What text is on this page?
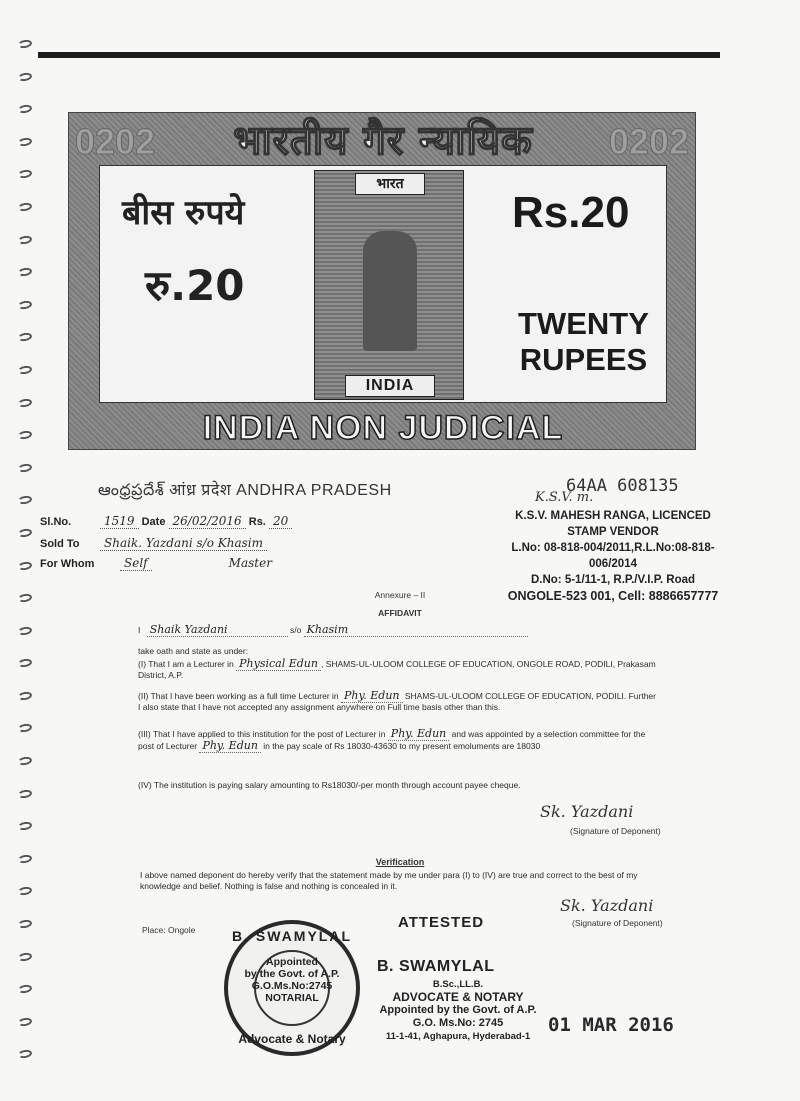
0202	0202
भारतीय गैर न्यायिक
बीस रुपये
रु.20
भारत
INDIA
Rs.20
TWENTY
RUPEES
INDIA NON JUDICIAL
ఆంధ్రప్రదేశ్ आंध्र प्रदेश ANDHRA PRADESH	64AA 608135
K.S.V. m.
K.S.V. MAHESH RANGA, LICENCED STAMP VENDOR
L.No: 08-818-004/2011,R.L.No:08-818-006/2014
D.No: 5-1/11-1, R.P./V.I.P. Road
ONGOLE-523 001, Cell: 8886657777
Sl.No.	1519 Date 26/02/2016 Rs. 20
Sold To Shaik. Yazdani s/o Khasim
For Whom Self	Master
Annexure – II
AFFIDAVIT
I Shaik Yazdani	s/o Khasim
take oath and state as under:
(I) That I am a Lecturer in Physical Edun , SHAMS-UL-ULOOM COLLEGE OF EDUCATION, ONGOLE ROAD, PODILI, Prakasam District, A.P.
(II) That I have been working as a full time Lecturer in Phy. Edun SHAMS-UL-ULOOM COLLEGE OF EDUCATION, PODILI. Further I also state that I have not accepted any assignment anywhere on Full time basis other than this.
(III) That I have applied to this institution for the post of Lecturer in Phy. Edun and was appointed by a selection committee for the post of Lecturer Phy. Edun in the pay scale of Rs 18030-43630 to my present emoluments are 18030
(IV) The institution is paying salary amounting to Rs18030/-per month through account payee cheque.
Sk. Yazdani
(Signature of Deponent)
Verification
I above named deponent do hereby verify that the statement made by me under para (I) to (IV) are true and correct to the best of my knowledge and belief. Nothing is false and nothing is concealed in it.
Place: Ongole
Sk. Yazdani
(Signature of Deponent)
B. SWAMYLAL
Appointed
by the Govt. of A.P.
G.O.Ms.No:2745
NOTARIAL
Advocate & Notary
ATTESTED
B. SWAMYLAL
B.Sc.,LL.B.
ADVOCATE & NOTARY
Appointed by the Govt. of A.P.
G.O. Ms.No: 2745
11-1-41, Aghapura, Hyderabad-1
01 MAR 2016
